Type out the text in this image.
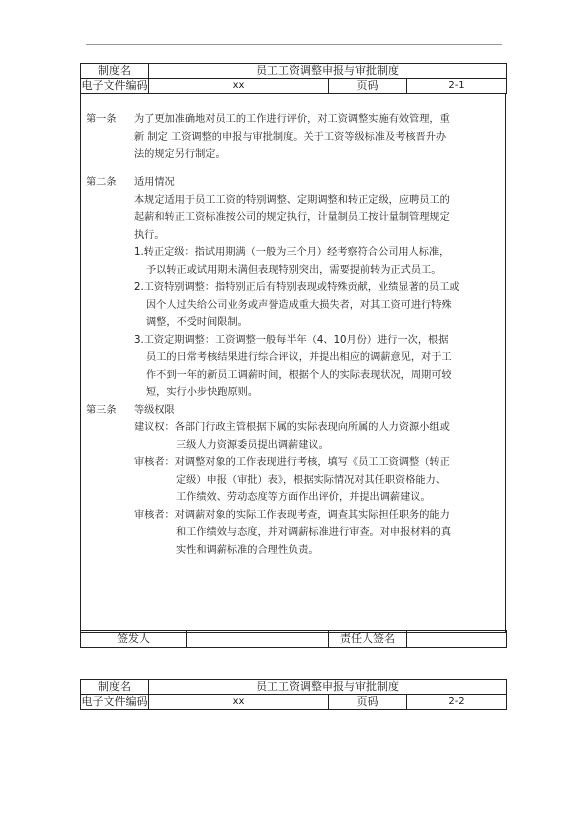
制度名	员工工资调整申报与审批制度		
电子文件编码	xx	页码	2-1
第一条 为了更加准确地对员工的工作进行评价，对工资调整实施有效管理，重
新 制定 工资调整的申报与审批制度。关于工资等级标准及考核晋升办
法的规定另行制定。
第二条 适用情况
本规定适用于员工工资的特别调整、定期调整和转正定级，应聘员工的
起薪和转正工资标准按公司的规定执行，计量制员工按计量制管理规定
执行。
1.转正定级：指试用期满（一般为三个月）经考察符合公司用人标准，
予以转正或试用期未满但表现特别突出，需要提前转为正式员工。
2.工资特别调整：指特别正后有特别表现或特殊贡献，业绩显著的员工或
因个人过失给公司业务或声誉造成重大损失者，对其工资可进行特殊
调整，不受时间限制。
3.工资定期调整：工资调整一般每半年（4、10月份）进行一次，根据
员工的日常考核结果进行综合评议，并提出相应的调薪意见，对于工
作不到一年的新员工调薪时间，根据个人的实际表现状况，周期可较
短，实行小步快跑原则。
第三条 等级权限
建议权：各部门行政主管根据下属的实际表现向所属的人力资源小组或
三级人力资源委员提出调薪建议。
审核者：对调整对象的工作表现进行考核，填写《员工工资调整（转正
定级）申报（审批）表》，根据实际情况对其任职资格能力、
工作绩效、劳动态度等方面作出评价，并提出调薪建议。
审核者：对调薪对象的实际工作表现考查，调查其实际担任职务的能力
和工作绩效与态度，并对调薪标准进行审查。对申报材料的真
实性和调薪标准的合理性负责。
签发人		责任人签名	
制度名	员工工资调整申报与审批制度		
电子文件编码	xx	页码	2-2
